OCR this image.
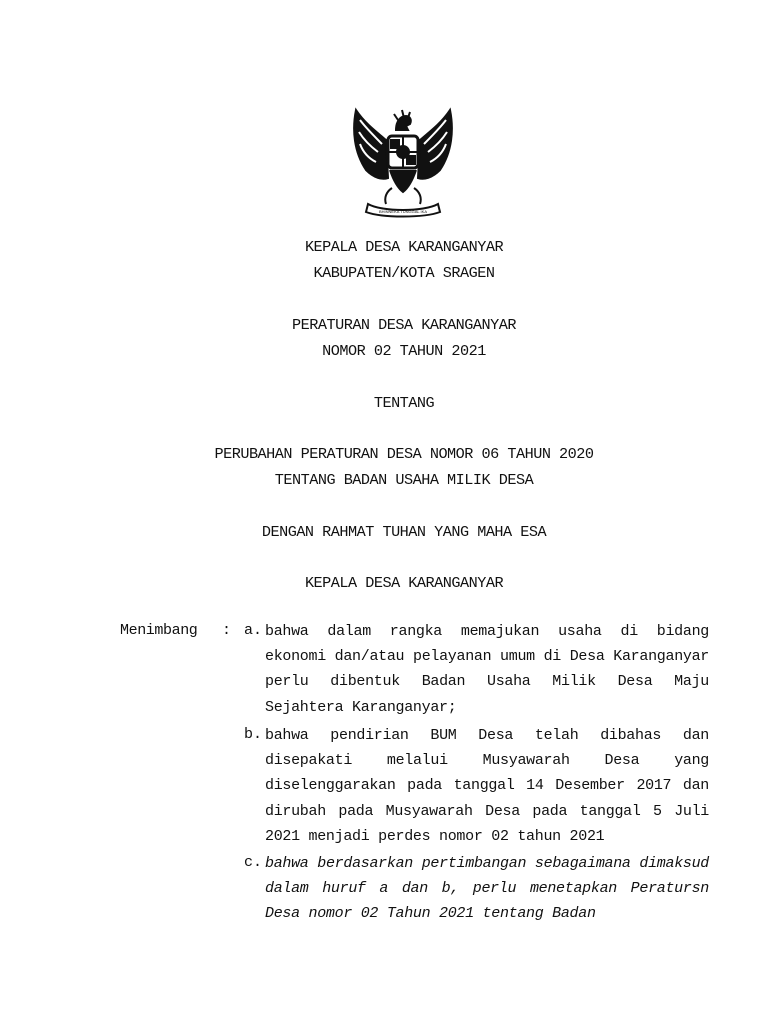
BHINNEKA TUNGGAL IKA
KEPALA DESA KARANGANYAR
KABUPATEN/KOTA SRAGEN
PERATURAN DESA KARANGANYAR
NOMOR 02 TAHUN 2021
TENTANG
PERUBAHAN PERATURAN DESA NOMOR 06 TAHUN 2020
TENTANG BADAN USAHA MILIK DESA
DENGAN RAHMAT TUHAN YANG MAHA ESA
KEPALA DESA KARANGANYAR
Menimbang : a. bahwa dalam rangka memajukan usaha di bidang ekonomi dan/atau pelayanan umum di Desa Karanganyar perlu dibentuk Badan Usaha Milik Desa Maju Sejahtera Karanganyar;
b. bahwa pendirian BUM Desa telah dibahas dan disepakati melalui Musyawarah Desa yang diselenggarakan pada tanggal 14 Desember 2017 dan dirubah pada Musyawarah Desa pada tanggal 5 Juli 2021 menjadi perdes nomor 02 tahun 2021
c. bahwa berdasarkan pertimbangan sebagaimana dimaksud dalam huruf a dan b, perlu menetapkan Peratursn Desa nomor 02 Tahun 2021 tentang Badan
